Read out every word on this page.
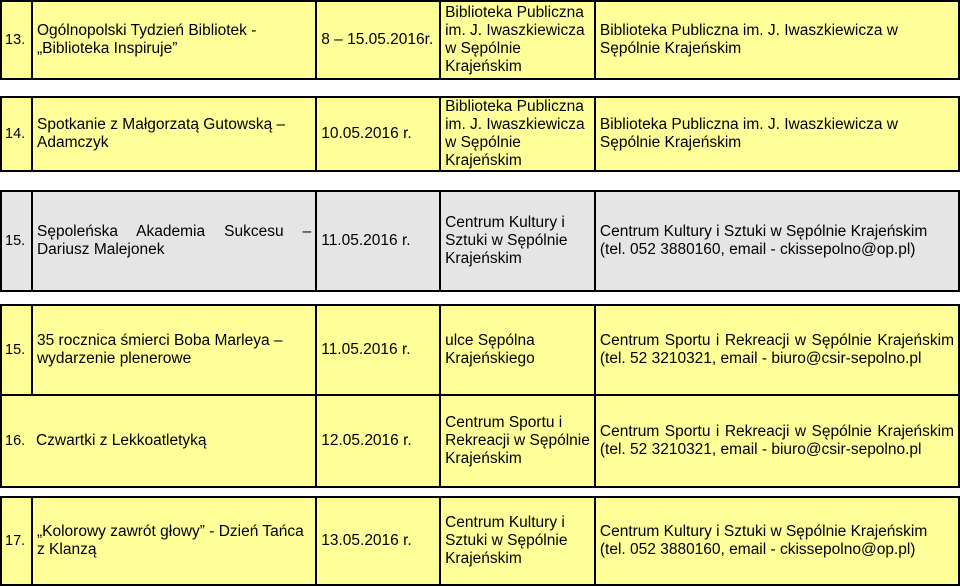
13.	Ogólnopolski Tydzień Bibliotek - „Biblioteka Inspiruje”	8 – 15.05.2016r.	Biblioteka Publiczna im. J. Iwaszkiewicza w Sępólnie Krajeńskim	Biblioteka Publiczna im. J. Iwaszkiewicza w Sępólnie Krajeńskim

14.	Spotkanie z Małgorzatą Gutowską – Adamczyk	10.05.2016 r.	Biblioteka Publiczna im. J. Iwaszkiewicza w Sępólnie Krajeńskim	Biblioteka Publiczna im. J. Iwaszkiewicza w Sępólnie Krajeńskim

15.	Sępoleńska Akademia Sukcesu – Dariusz Malejonek	11.05.2016 r.	Centrum Kultury i Sztuki w Sępólnie Krajeńskim	Centrum Kultury i Sztuki w Sępólnie Krajeńskim (tel. 052 3880160, email - ckissepolno@op.pl)

15.	35 rocznica śmierci Boba Marleya – wydarzenie plenerowe	11.05.2016 r.	ulce Sępólna Krajeńskiego	Centrum Sportu i Rekreacji w Sępólnie Krajeńskim (tel. 52 3210321, email - biuro@csir-sepolno.pl
16.	Czwartki z Lekkoatletyką	12.05.2016 r.	Centrum Sportu i Rekreacji w Sępólnie Krajeńskim	Centrum Sportu i Rekreacji w Sępólnie Krajeńskim (tel. 52 3210321, email - biuro@csir-sepolno.pl

17.	„Kolorowy zawrót głowy” - Dzień Tańca z Klanzą	13.05.2016 r.	Centrum Kultury i Sztuki w Sępólnie Krajeńskim	Centrum Kultury i Sztuki w Sępólnie Krajeńskim (tel. 052 3880160, email - ckissepolno@op.pl)
